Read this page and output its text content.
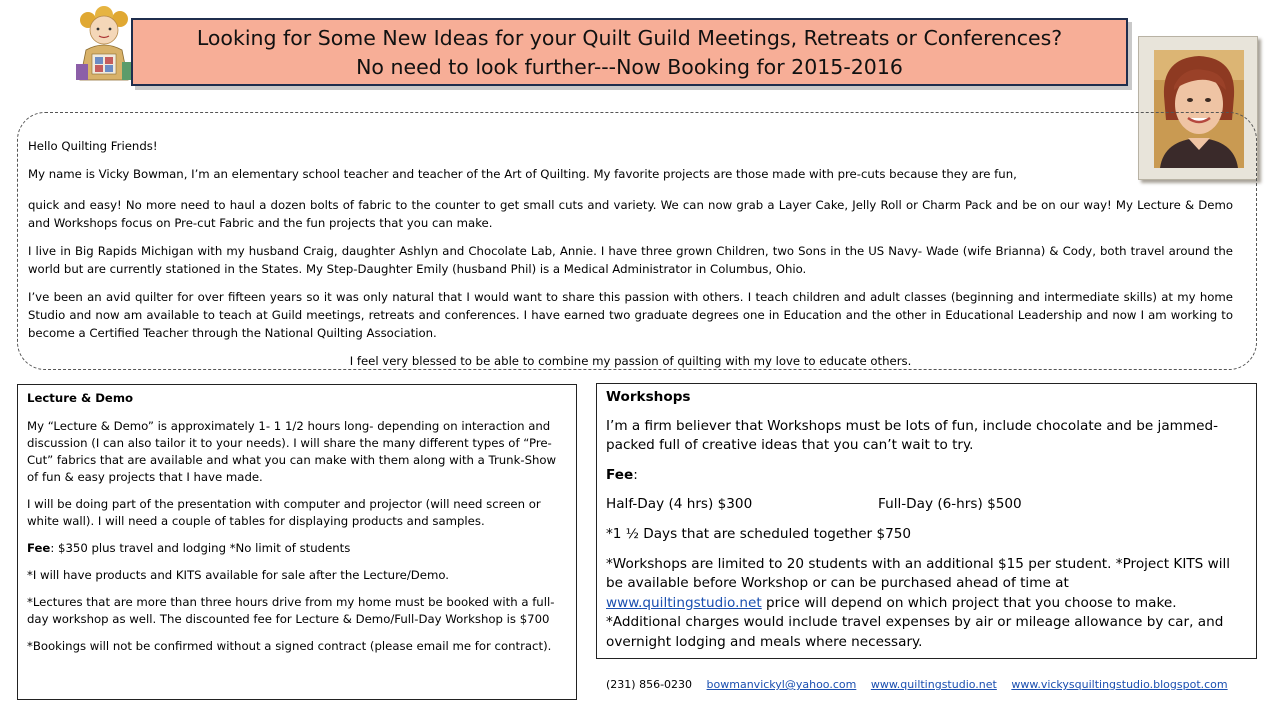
Looking for Some New Ideas for your Quilt Guild Meetings, Retreats or Conferences?
No need to look further---Now Booking for 2015-2016

Hello Quilting Friends!

My name is Vicky Bowman, I’m an elementary school teacher and teacher of the Art of Quilting. My favorite projects are those made with pre-cuts because they are fun,

quick and easy! No more need to haul a dozen bolts of fabric to the counter to get small cuts and variety. We can now grab a Layer Cake, Jelly Roll or Charm Pack and be on our way! My Lecture & Demo and Workshops focus on Pre-cut Fabric and the fun projects that you can make.

I live in Big Rapids Michigan with my husband Craig, daughter Ashlyn and Chocolate Lab, Annie. I have three grown Children, two Sons in the US Navy- Wade (wife Brianna) & Cody, both travel around the world but are currently stationed in the States. My Step-Daughter Emily (husband Phil) is a Medical Administrator in Columbus, Ohio.

I’ve been an avid quilter for over fifteen years so it was only natural that I would want to share this passion with others. I teach children and adult classes (beginning and intermediate skills) at my home Studio and now am available to teach at Guild meetings, retreats and conferences. I have earned two graduate degrees one in Education and the other in Educational Leadership and now I am working to become a Certified Teacher through the National Quilting Association.

I feel very blessed to be able to combine my passion of quilting with my love to educate others.

Lecture & Demo

My “Lecture & Demo” is approximately 1- 1 1/2 hours long- depending on interaction and discussion (I can also tailor it to your needs). I will share the many different types of “Pre-Cut” fabrics that are available and what you can make with them along with a Trunk-Show of fun & easy projects that I have made.

I will be doing part of the presentation with computer and projector (will need screen or white wall). I will need a couple of tables for displaying products and samples.

Fee: $350 plus travel and lodging *No limit of students

*I will have products and KITS available for sale after the Lecture/Demo.

*Lectures that are more than three hours drive from my home must be booked with a full-day workshop as well. The discounted fee for Lecture & Demo/Full-Day Workshop is $700

*Bookings will not be confirmed without a signed contract (please email me for contract).

Workshops

I’m a firm believer that Workshops must be lots of fun, include chocolate and be jammed-packed full of creative ideas that you can’t wait to try.

Fee:

Half-Day (4 hrs) $300	Full-Day (6-hrs) $500

*1 ½ Days that are scheduled together $750

*Workshops are limited to 20 students with an additional $15 per student. *Project KITS will be available before Workshop or can be purchased ahead of time at
www.quiltingstudio.net price will depend on which project that you choose to make.

*Additional charges would include travel expenses by air or mileage allowance by car, and overnight lodging and meals where necessary.

(231) 856-0230 bowmanvickyl@yahoo.com www.quiltingstudio.net www.vickysquiltingstudio.blogspot.com
